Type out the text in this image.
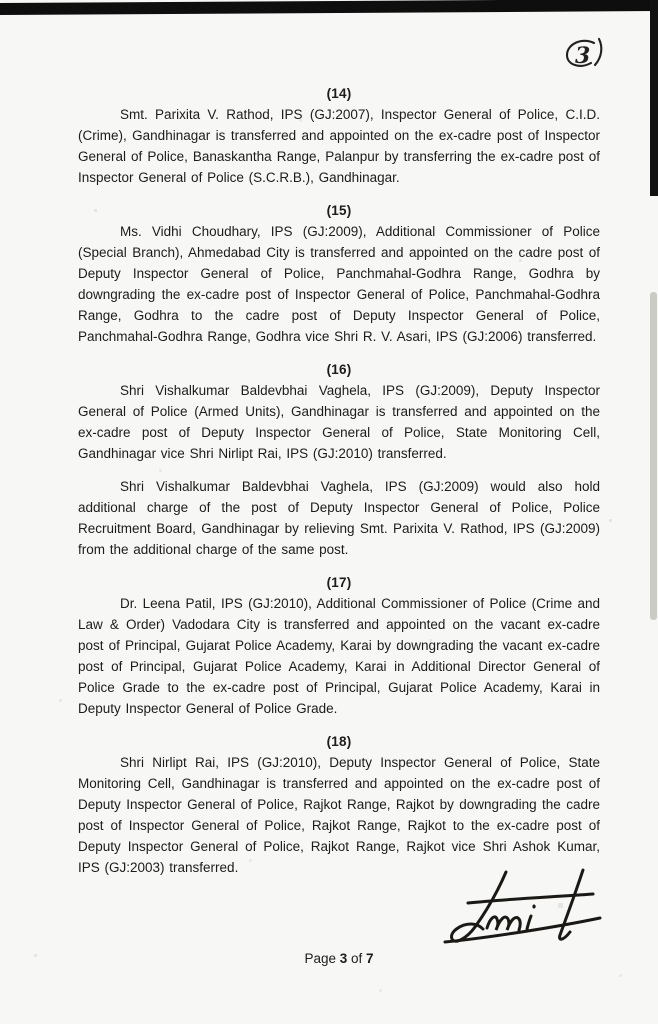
3
(14)

Smt. Parixita V. Rathod, IPS (GJ:2007), Inspector General of Police, C.I.D. (Crime), Gandhinagar is transferred and appointed on the ex-cadre post of Inspector General of Police, Banaskantha Range, Palanpur by transferring the ex-cadre post of Inspector General of Police (S.C.R.B.), Gandhinagar.

(15)

Ms. Vidhi Choudhary, IPS (GJ:2009), Additional Commissioner of Police (Special Branch), Ahmedabad City is transferred and appointed on the cadre post of Deputy Inspector General of Police, Panchmahal-Godhra Range, Godhra by downgrading the ex-cadre post of Inspector General of Police, Panchmahal-Godhra Range, Godhra to the cadre post of Deputy Inspector General of Police, Panchmahal-Godhra Range, Godhra vice Shri R. V. Asari, IPS (GJ:2006) transferred.

(16)

Shri Vishalkumar Baldevbhai Vaghela, IPS (GJ:2009), Deputy Inspector General of Police (Armed Units), Gandhinagar is transferred and appointed on the ex-cadre post of Deputy Inspector General of Police, State Monitoring Cell, Gandhinagar vice Shri Nirlipt Rai, IPS (GJ:2010) transferred.

Shri Vishalkumar Baldevbhai Vaghela, IPS (GJ:2009) would also hold additional charge of the post of Deputy Inspector General of Police, Police Recruitment Board, Gandhinagar by relieving Smt. Parixita V. Rathod, IPS (GJ:2009) from the additional charge of the same post.

(17)

Dr. Leena Patil, IPS (GJ:2010), Additional Commissioner of Police (Crime and Law & Order) Vadodara City is transferred and appointed on the vacant ex-cadre post of Principal, Gujarat Police Academy, Karai by downgrading the vacant ex-cadre post of Principal, Gujarat Police Academy, Karai in Additional Director General of Police Grade to the ex-cadre post of Principal, Gujarat Police Academy, Karai in Deputy Inspector General of Police Grade.

(18)

Shri Nirlipt Rai, IPS (GJ:2010), Deputy Inspector General of Police, State Monitoring Cell, Gandhinagar is transferred and appointed on the ex-cadre post of Deputy Inspector General of Police, Rajkot Range, Rajkot by downgrading the cadre post of Inspector General of Police, Rajkot Range, Rajkot to the ex-cadre post of Deputy Inspector General of Police, Rajkot Range, Rajkot vice Shri Ashok Kumar, IPS (GJ:2003) transferred.

Page 3 of 7
